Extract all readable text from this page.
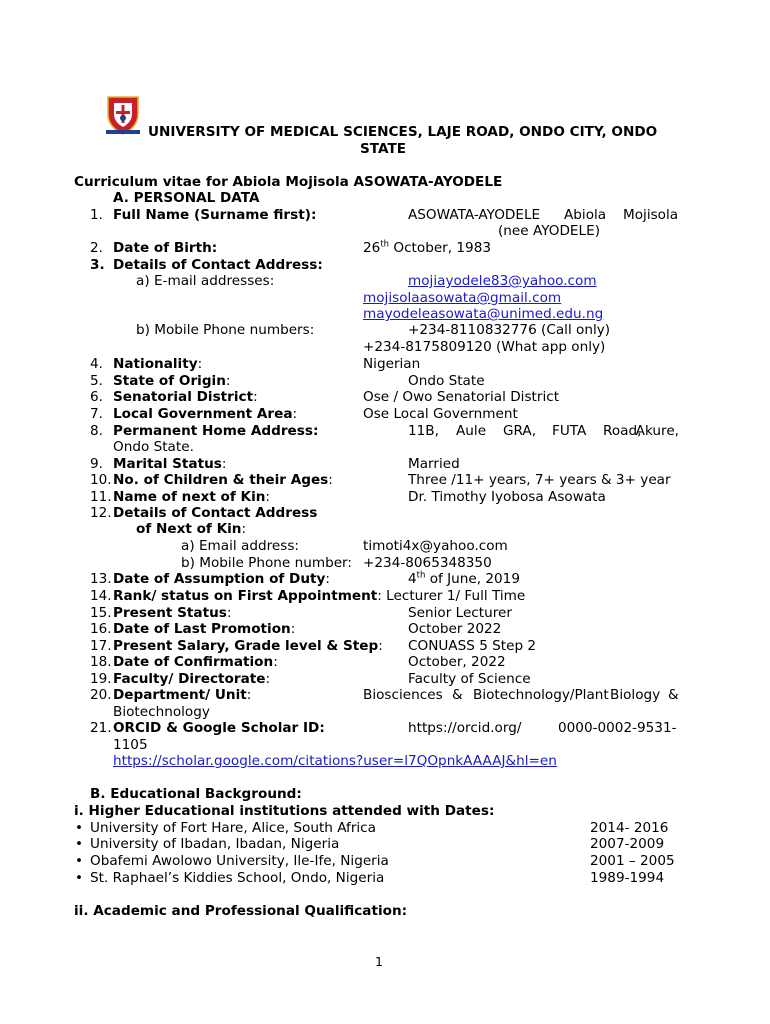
UNIVERSITY OF MEDICAL SCIENCES, LAJE ROAD, ONDO CITY, ONDO
STATE
Curriculum vitae for Abiola Mojisola ASOWATA-AYODELE
A. PERSONAL DATA
1. Full Name (Surname first):	ASOWATA-AYODELE Abiola Mojisola
(nee AYODELE)
2. Date of Birth:	26th October, 1983
3. Details of Contact Address:
a) E-mail addresses:	mojiayodele83@yahoo.com
mojisolaasowata@gmail.com
mayodeleasowata@unimed.edu.ng
b) Mobile Phone numbers:	+234-8110832776 (Call only)
+234-8175809120 (What app only)
4. Nationality:	Nigerian
5. State of Origin:	Ondo State
6. Senatorial District:	Ose / Owo Senatorial District
7. Local Government Area:	Ose Local Government
8. Permanent Home Address:	11B, Aule GRA, FUTA Road,
Akure,
Ondo State.
9. Marital Status:	Married
10. No. of Children & their Ages:	Three /11+ years, 7+ years & 3+ year
11. Name of next of Kin:	Dr. Timothy Iyobosa Asowata
12. Details of Contact Address
of Next of Kin:
a) Email address:	timoti4x@yahoo.com
b) Mobile Phone number: +234-8065348350
13. Date of Assumption of Duty:	4th of June, 2019
14. Rank/ status on First Appointment: Lecturer 1/ Full Time
15. Present Status:	Senior Lecturer
16. Date of Last Promotion:	October 2022
17. Present Salary, Grade level & Step: CONUASS 5 Step 2
18. Date of Confirmation:	October, 2022
19. Faculty/ Directorate:	Faculty of Science
20. Department/ Unit:	Biosciences & Biotechnology/Plant Biology &
Biotechnology
21. ORCID & Google Scholar ID:	https://orcid.org/	0000-0002-9531-
1105
https://scholar.google.com/citations?user=l7QOpnkAAAAJ&hl=en
B. Educational Background:
i. Higher Educational institutions attended with Dates:
• University of Fort Hare, Alice, South Africa	2014- 2016
• University of Ibadan, Ibadan, Nigeria	2007-2009
• Obafemi Awolowo University, Ile-Ife, Nigeria	2001 – 2005
• St. Raphael’s Kiddies School, Ondo, Nigeria	1989-1994
ii. Academic and Professional Qualification:
1
